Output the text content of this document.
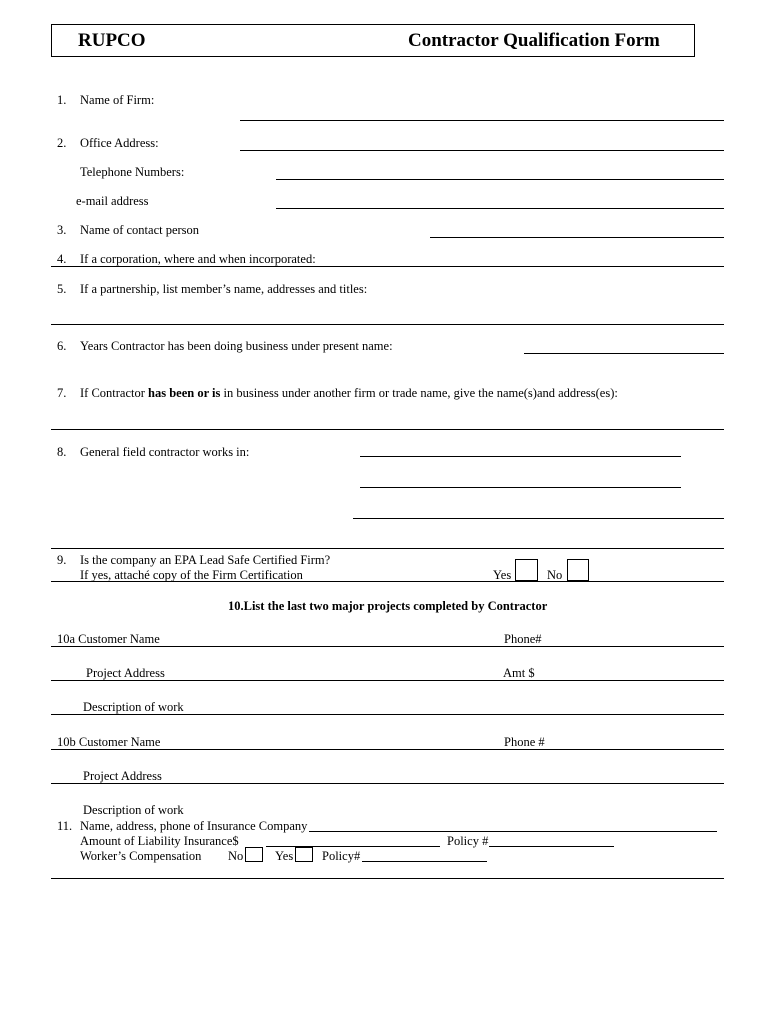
RUPCO	Contractor Qualification Form
1. Name of Firm:
2. Office Address:
Telephone Numbers:
e-mail address
3. Name of contact person
4. If a corporation, where and when incorporated:
5. If a partnership, list member’s name, addresses and titles:
6. Years Contractor has been doing business under present name:
7. If Contractor has been or is in business under another firm or trade name, give the name(s)and address(es):
8. General field contractor works in:
9. Is the company an EPA Lead Safe Certified Firm?
If yes, attaché copy of the Firm Certification	Yes	No
10.List the last two major projects completed by Contractor
10a Customer Name	Phone#
Project Address	Amt $
Description of work
10b Customer Name	Phone #
Project Address
Description of work
11. Name, address, phone of Insurance Company
Amount of Liability Insurance$	Policy #
Worker’s Compensation No	Yes Policy#
